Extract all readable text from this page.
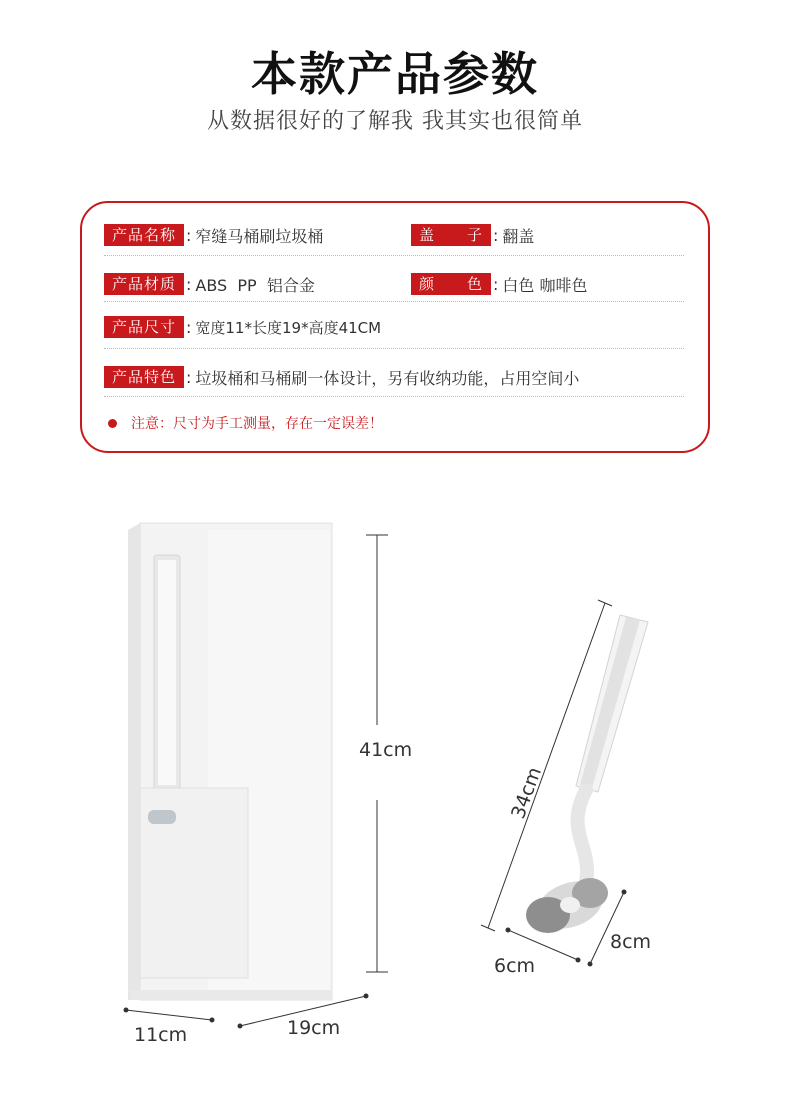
本款产品参数
从数据很好的了解我 我其实也很简单
产品名称 : 窄缝马桶刷垃圾桶	盖　　子 : 翻盖
产品材质 : ABS  PP  铝合金	颜　　色 : 白色 咖啡色
产品尺寸 : 宽度11*长度19*高度41CM
产品特色 : 垃圾桶和马桶刷一体设计，另有收纳功能，占用空间小
注意：尺寸为手工测量，存在一定误差！
41cm
11cm	19cm
34cm
6cm
8cm
